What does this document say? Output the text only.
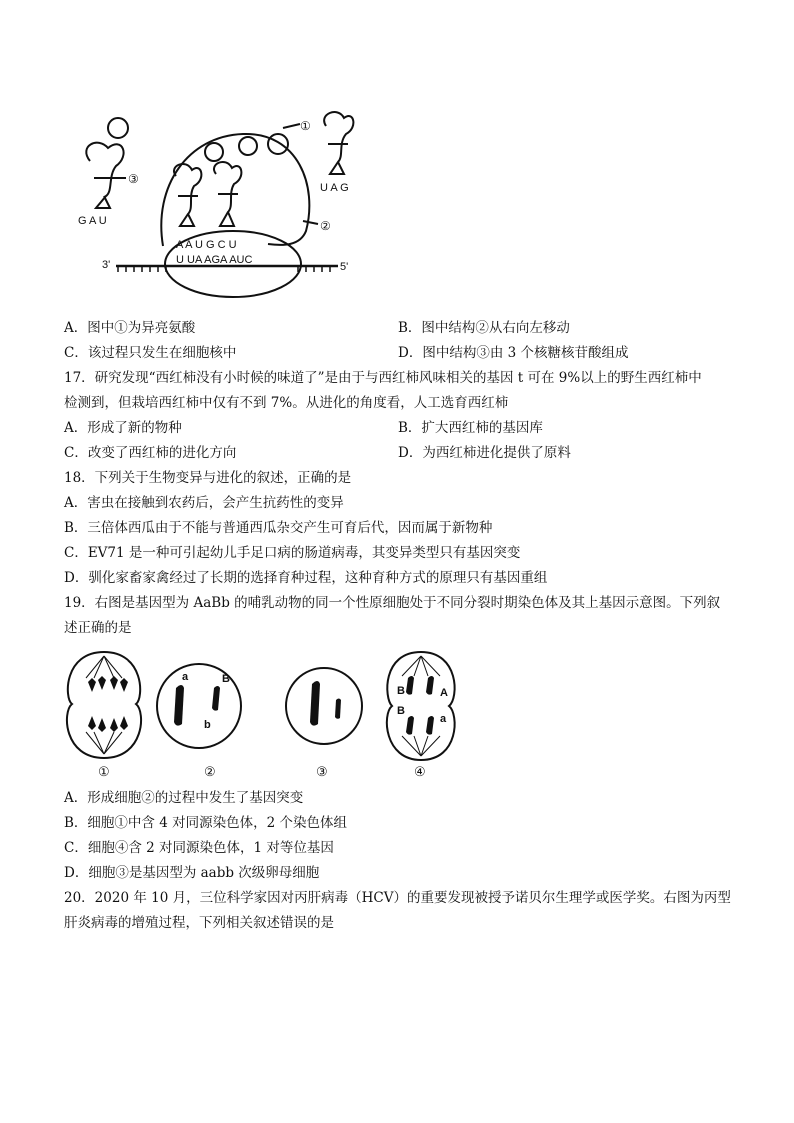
①
②
③
G A U
U A G
A A U G C U
3'	5'
U UA AGA AUC
A．图中①为异亮氨酸	B．图中结构②从右向左移动
C．该过程只发生在细胞核中	D．图中结构③由 3 个核糖核苷酸组成
17．研究发现“西红柿没有小时候的味道了”是由于与西红柿风味相关的基因 t 可在 9%以上的野生西红柿中
检测到，但栽培西红柿中仅有不到 7%。从进化的角度看，人工选育西红柿
A．形成了新的物种	B．扩大西红柿的基因库
C．改变了西红柿的进化方向	D．为西红柿进化提供了原料
18．下列关于生物变异与进化的叙述，正确的是
A．害虫在接触到农药后，会产生抗药性的变异
B．三倍体西瓜由于不能与普通西瓜杂交产生可育后代，因而属于新物种
C．EV71 是一种可引起幼儿手足口病的肠道病毒，其变异类型只有基因突变
D．驯化家畜家禽经过了长期的选择育种过程，这种育种方式的原理只有基因重组
19．右图是基因型为 AaBb 的哺乳动物的同一个性原细胞处于不同分裂时期染色体及其上基因示意图。下列叙
述正确的是
a	B
b
B	A
B
a
①	②	③	④
A．形成细胞②的过程中发生了基因突变
B．细胞①中含 4 对同源染色体，2 个染色体组
C．细胞④含 2 对同源染色体，1 对等位基因
D．细胞③是基因型为 aabb 次级卵母细胞
20．2020 年 10 月，三位科学家因对丙肝病毒（HCV）的重要发现被授予诺贝尔生理学或医学奖。右图为丙型
肝炎病毒的增殖过程，下列相关叙述错误的是
